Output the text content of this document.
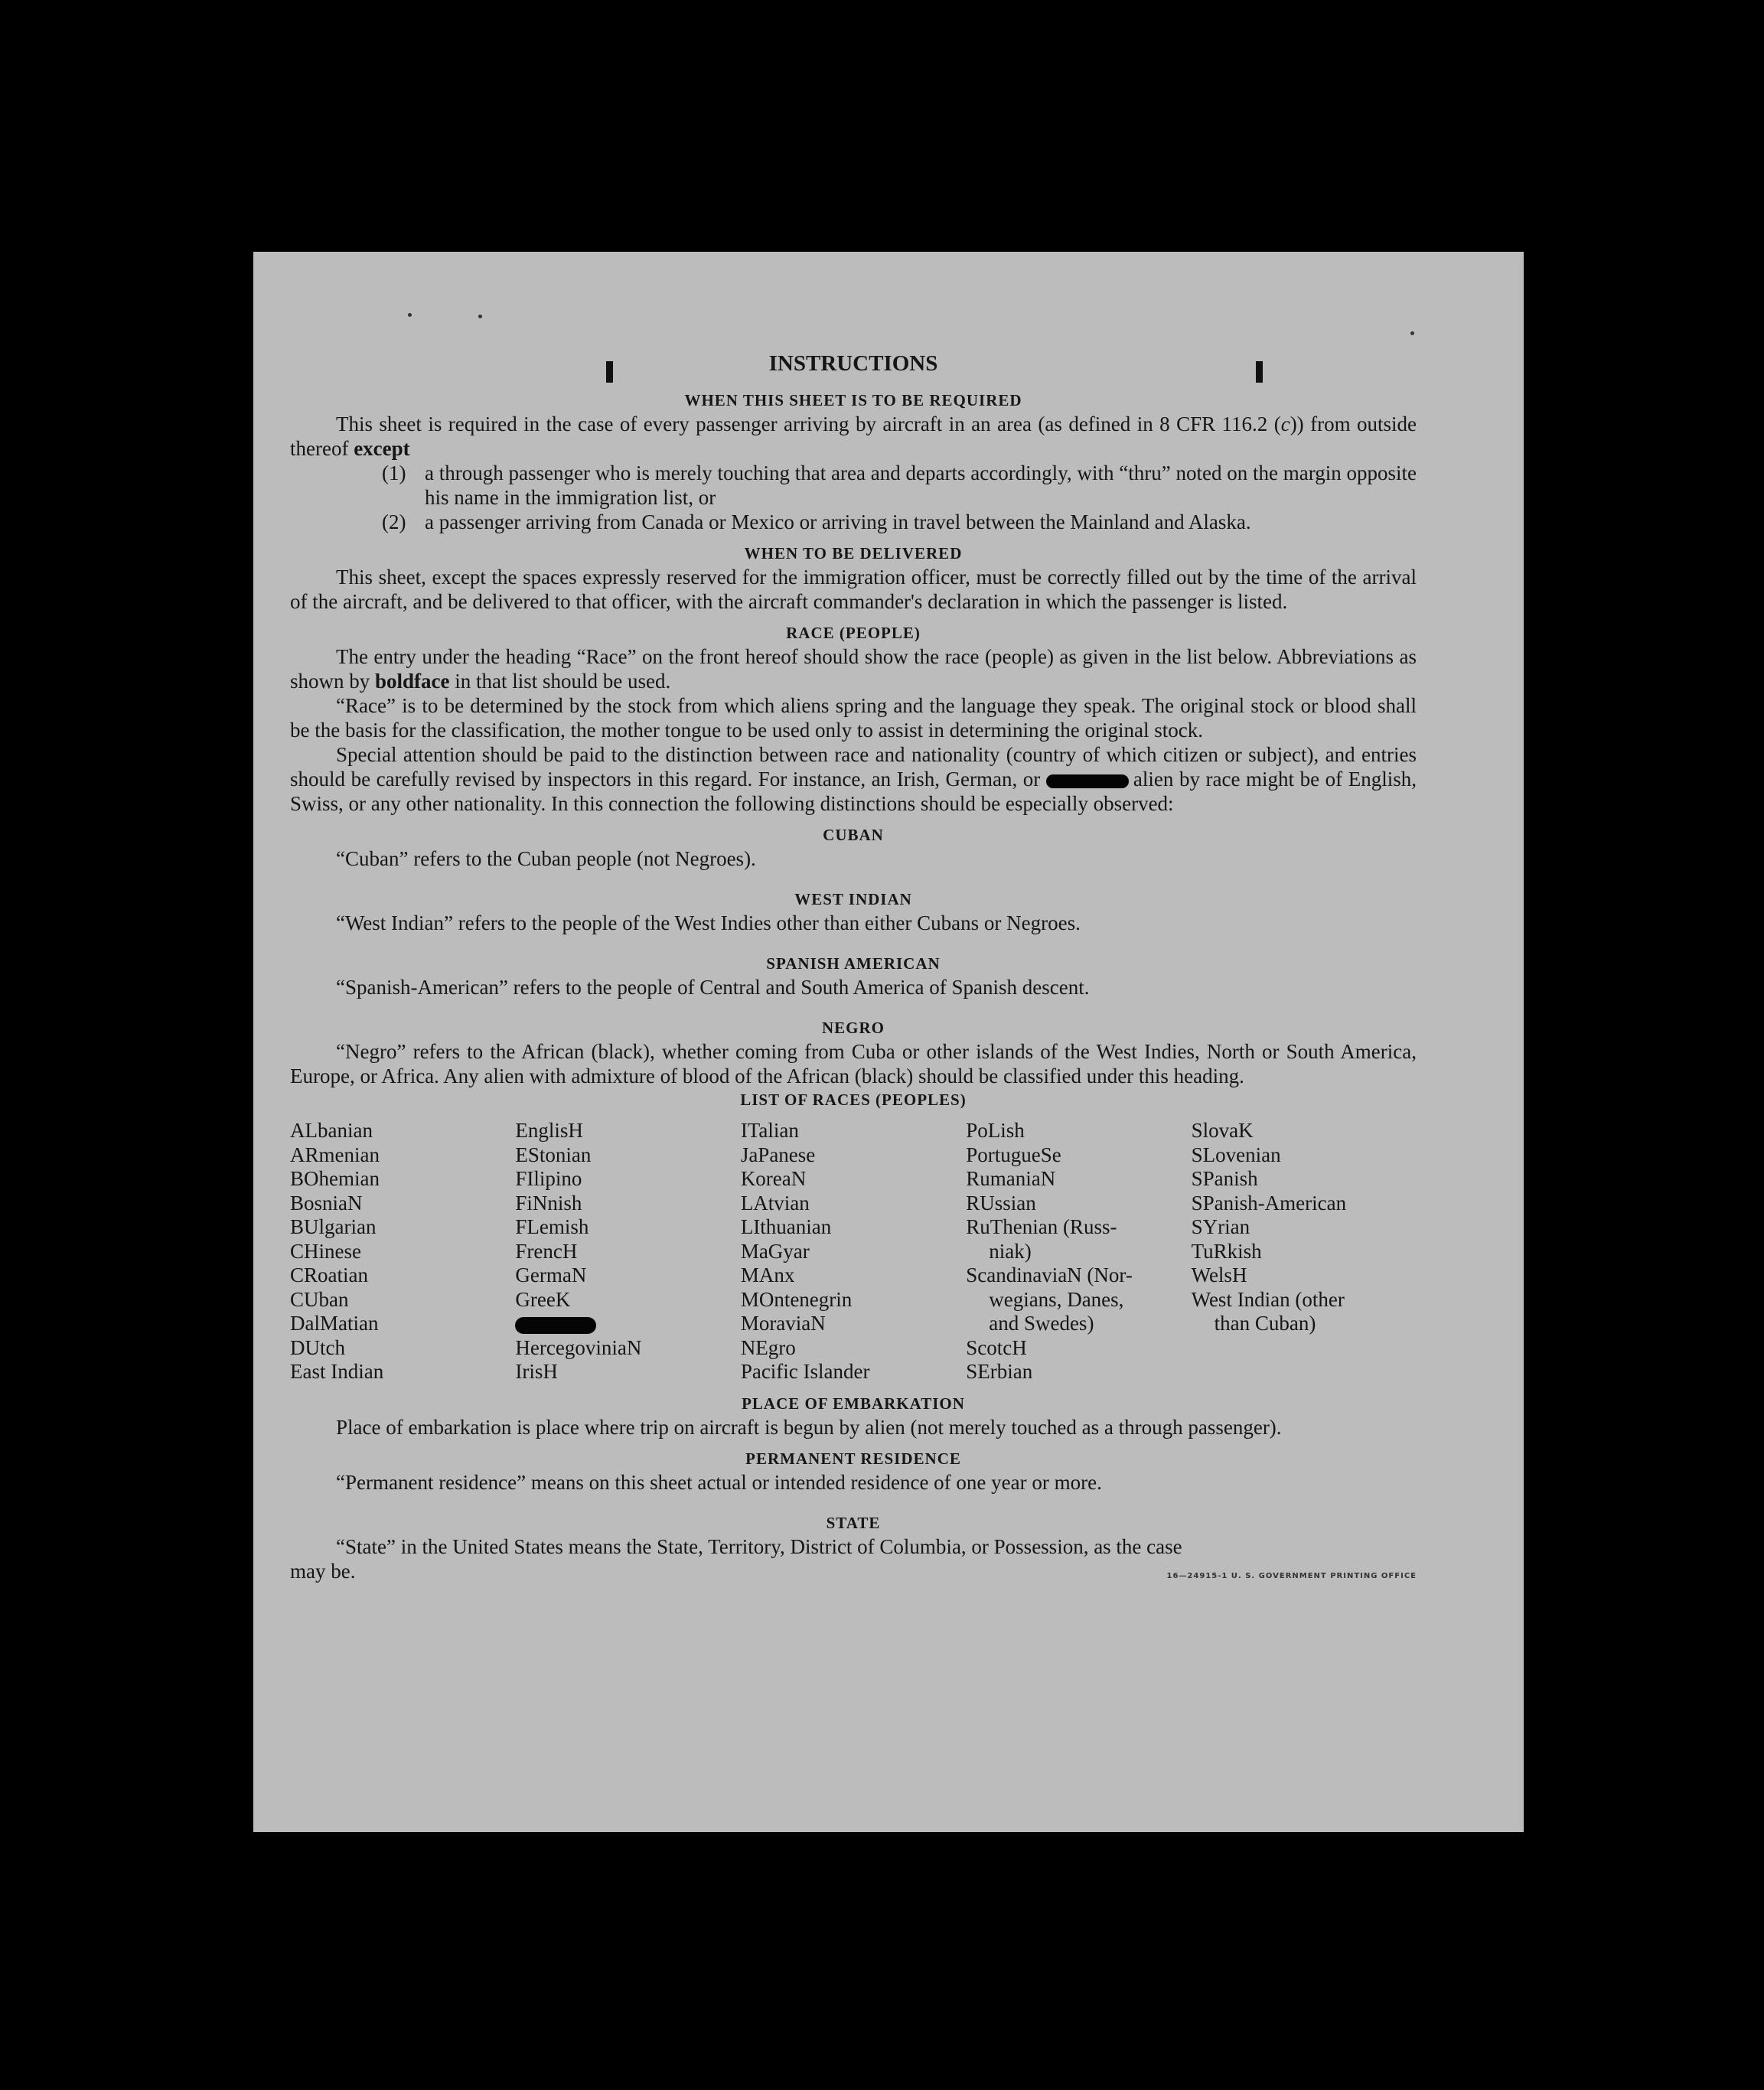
INSTRUCTIONS
WHEN THIS SHEET IS TO BE REQUIRED

This sheet is required in the case of every passenger arriving by aircraft in an area (as defined in 8 CFR 116.2 (c)) from outside thereof except

(1) a through passenger who is merely touching that area and departs accordingly, with “thru” noted on the margin opposite his name in the immigration list, or
(2) a passenger arriving from Canada or Mexico or arriving in travel between the Mainland and Alaska.
WHEN TO BE DELIVERED

This sheet, except the spaces expressly reserved for the immigration officer, must be correctly filled out by the time of the arrival of the aircraft, and be delivered to that officer, with the aircraft commander's declaration in which the passenger is listed.

RACE (PEOPLE)

The entry under the heading “Race” on the front hereof should show the race (people) as given in the list below. Abbreviations as shown by boldface in that list should be used.

“Race” is to be determined by the stock from which aliens spring and the language they speak. The original stock or blood shall be the basis for the classification, the mother tongue to be used only to assist in determining the original stock.

Special attention should be paid to the distinction between race and nationality (country of which citizen or subject), and entries should be carefully revised by inspectors in this regard. For instance, an Irish, German, or	alien by race might be of English, Swiss, or any other nationality. In this connection the following distinctions should be especially observed:

CUBAN

“Cuban” refers to the Cuban people (not Negroes).

WEST INDIAN

“West Indian” refers to the people of the West Indies other than either Cubans or Negroes.

SPANISH AMERICAN

“Spanish-American” refers to the people of Central and South America of Spanish descent.

NEGRO

“Negro” refers to the African (black), whether coming from Cuba or other islands of the West Indies, North or South America, Europe, or Africa. Any alien with admixture of blood of the African (black) should be classified under this heading.

LIST OF RACES (PEOPLES)
ALbanian
ARmenian
BOhemian
BosniaN
BUlgarian
CHinese
CRoatian
CUban
DalMatian
DUtch
East Indian
EnglisH
EStonian
FIlipino
FiNnish
FLemish
FrencH
GermaN
GreeK
HercegoviniaN
IrisH
ITalian
JaPanese
KoreaN
LAtvian
LIthuanian
MaGyar
MAnx
MOntenegrin
MoraviaN
NEgro
Pacific Islander
PoLish
PortugueSe
RumaniaN
RUssian
RuThenian (Russ-
niak)
ScandinaviaN (Nor-
wegians, Danes,
and Swedes)
ScotcH
SErbian
SlovaK
SLovenian
SPanish
SPanish-American
SYrian
TuRkish
WelsH
West Indian (other
than Cuban)
PLACE OF EMBARKATION

Place of embarkation is place where trip on aircraft is begun by alien (not merely touched as a through passenger).

PERMANENT RESIDENCE

“Permanent residence” means on this sheet actual or intended residence of one year or more.

STATE

“State” in the United States means the State, Territory, District of Columbia, or Possession, as the case

may be.	16—24915-1 U. S. GOVERNMENT PRINTING OFFICE
